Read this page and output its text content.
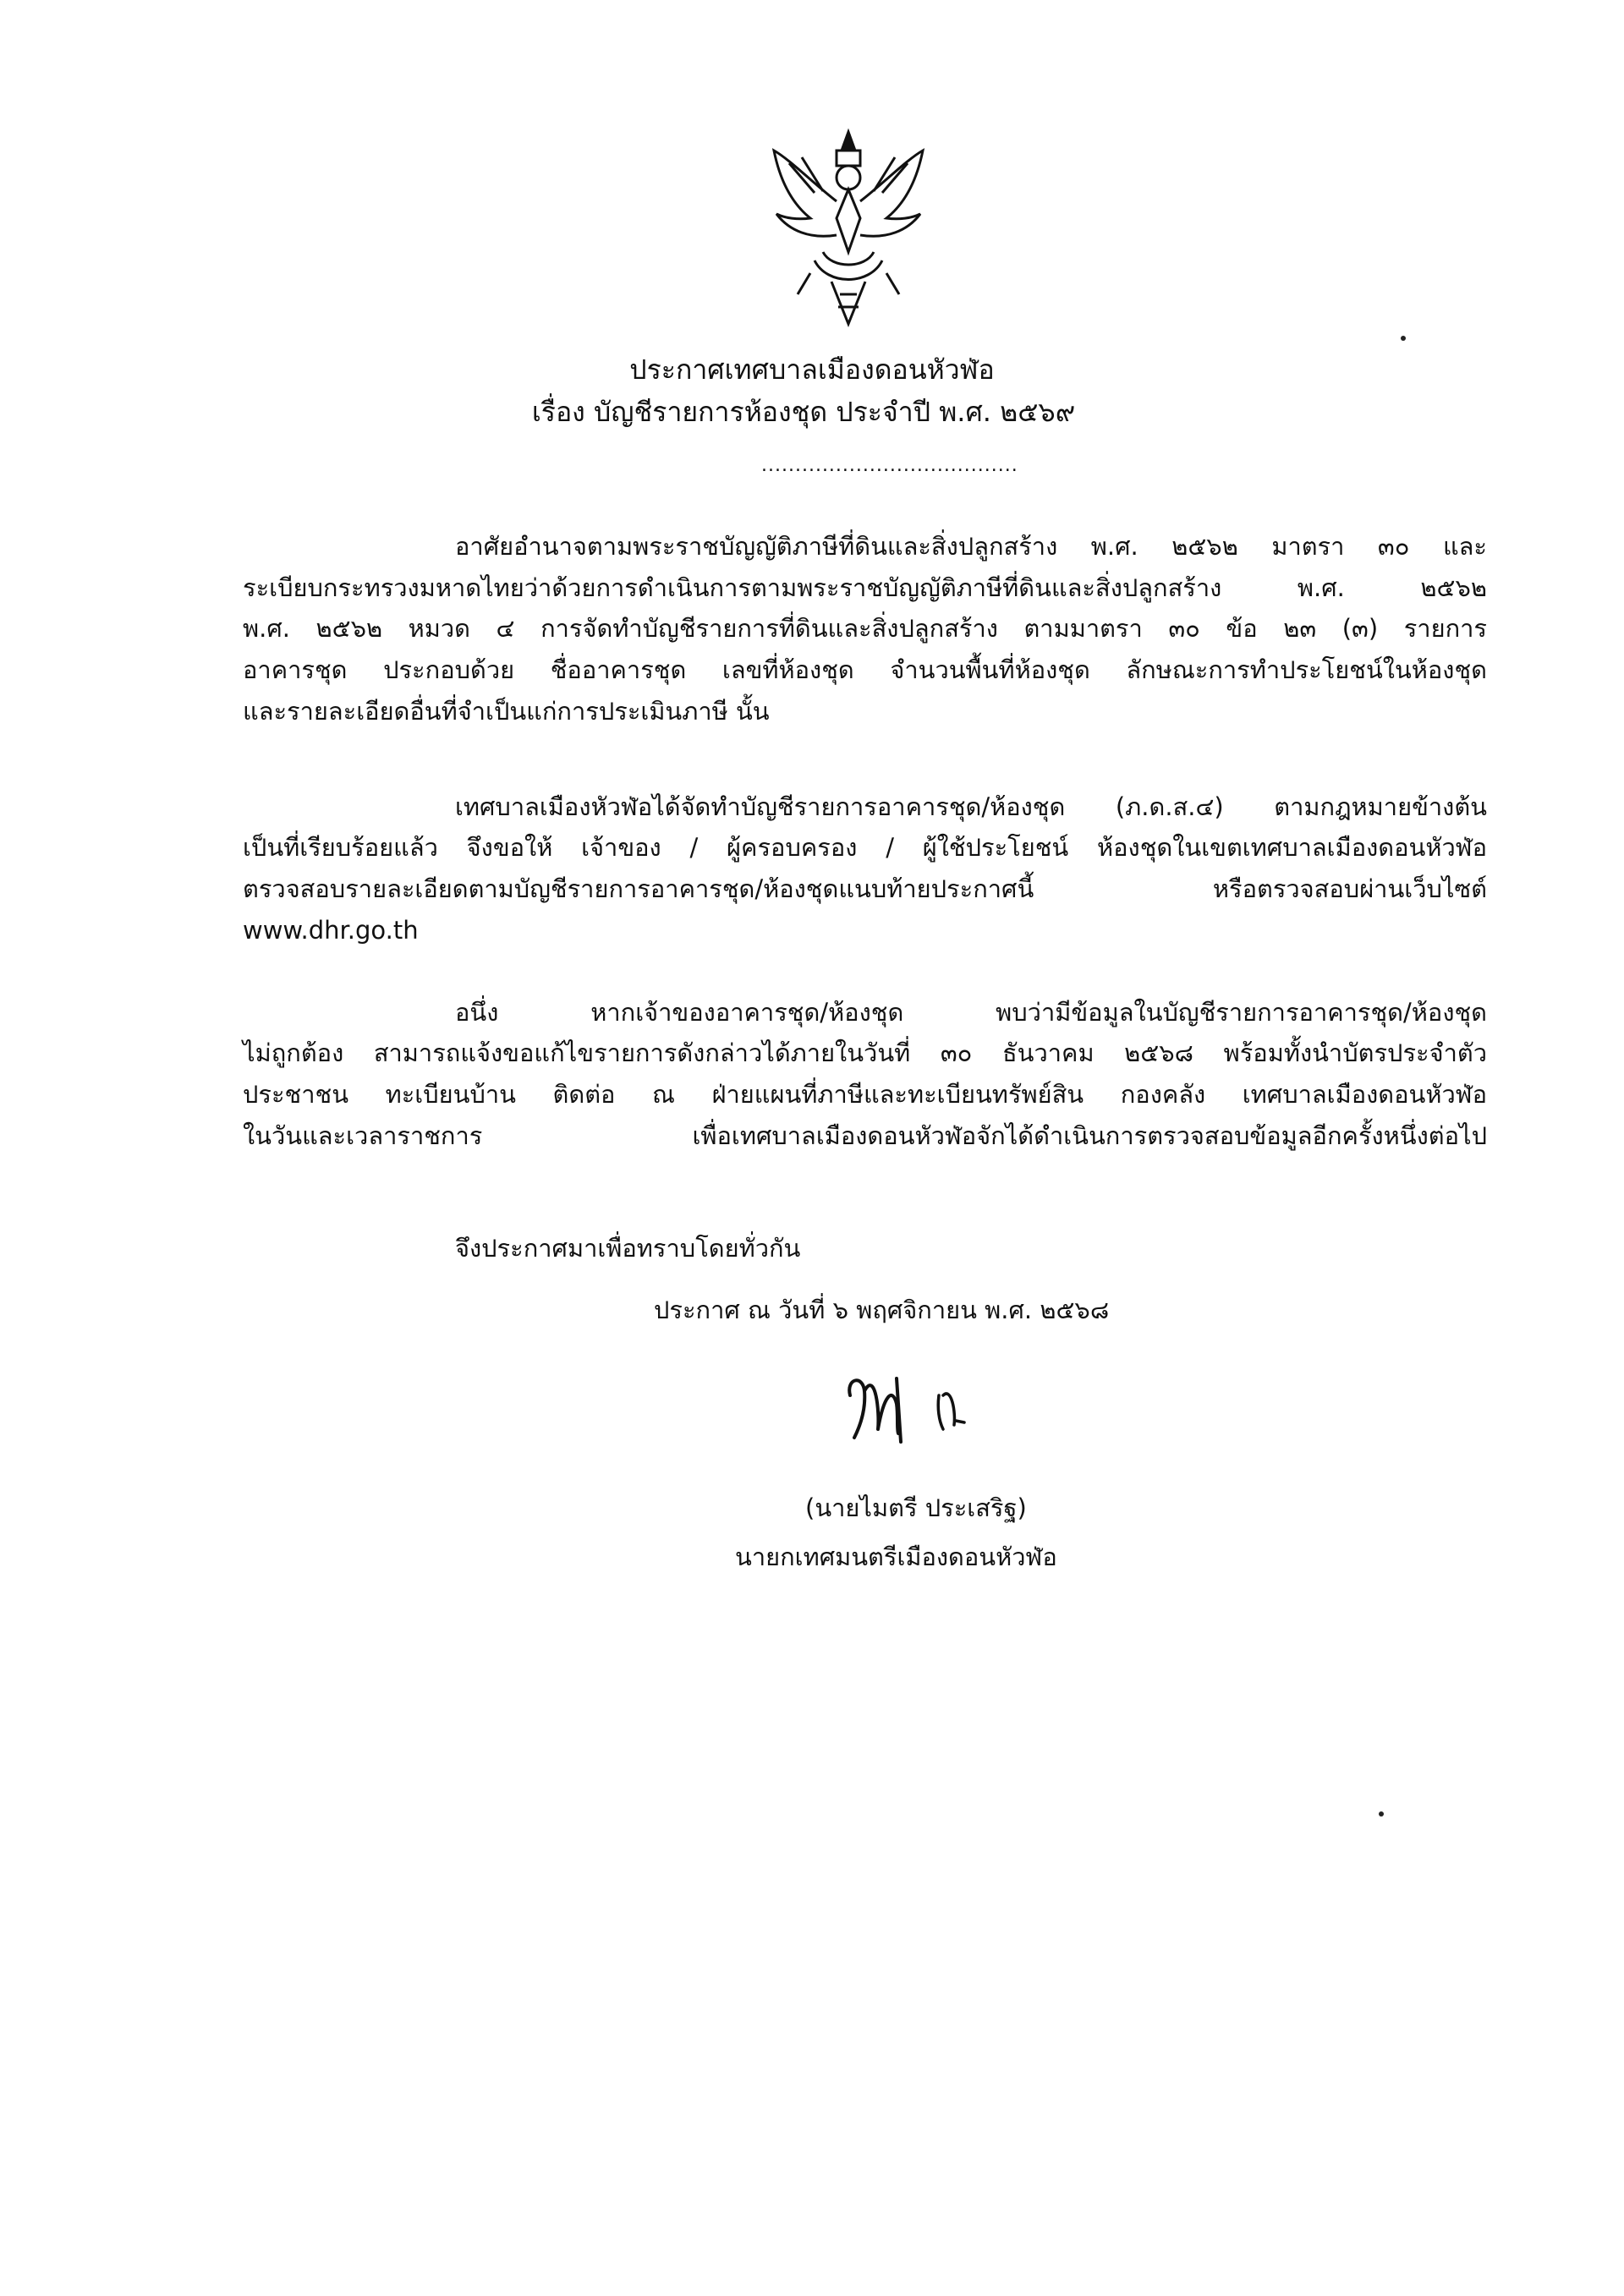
ประกาศเทศบาลเมืองดอนหัวฬ่อ
เรื่อง บัญชีรายการห้องชุด ประจำปี พ.ศ. ๒๕๖๙
......................................
อาศัยอำนาจตามพระราชบัญญัติภาษีที่ดินและสิ่งปลูกสร้าง พ.ศ. ๒๕๖๒ มาตรา ๓๐ และ
ระเบียบกระทรวงมหาดไทยว่าด้วยการดำเนินการตามพระราชบัญญัติภาษีที่ดินและสิ่งปลูกสร้าง พ.ศ. ๒๕๖๒
พ.ศ. ๒๕๖๒ หมวด ๔ การจัดทำบัญชีรายการที่ดินและสิ่งปลูกสร้าง ตามมาตรา ๓๐ ข้อ ๒๓ (๓) รายการ
อาคารชุด ประกอบด้วย ชื่ออาคารชุด เลขที่ห้องชุด จำนวนพื้นที่ห้องชุด ลักษณะการทำประโยชน์ในห้องชุด
และรายละเอียดอื่นที่จำเป็นแก่การประเมินภาษี นั้น
เทศบาลเมืองหัวฬ่อได้จัดทำบัญชีรายการอาคารชุด/ห้องชุด (ภ.ด.ส.๔) ตามกฎหมายข้างต้น
เป็นที่เรียบร้อยแล้ว จึงขอให้ เจ้าของ / ผู้ครอบครอง / ผู้ใช้ประโยชน์ ห้องชุดในเขตเทศบาลเมืองดอนหัวฬ่อ
ตรวจสอบรายละเอียดตามบัญชีรายการอาคารชุด/ห้องชุดแนบท้ายประกาศนี้ หรือตรวจสอบผ่านเว็บไซต์
www.dhr.go.th
อนึ่ง หากเจ้าของอาคารชุด/ห้องชุด พบว่ามีข้อมูลในบัญชีรายการอาคารชุด/ห้องชุด
ไม่ถูกต้อง สามารถแจ้งขอแก้ไขรายการดังกล่าวได้ภายในวันที่ ๓๐ ธันวาคม ๒๕๖๘ พร้อมทั้งนำบัตรประจำตัว
ประชาชน ทะเบียนบ้าน ติดต่อ ณ ฝ่ายแผนที่ภาษีและทะเบียนทรัพย์สิน กองคลัง เทศบาลเมืองดอนหัวฬ่อ
ในวันและเวลาราชการ เพื่อเทศบาลเมืองดอนหัวฬ่อจักได้ดำเนินการตรวจสอบข้อมูลอีกครั้งหนึ่งต่อไป
จึงประกาศมาเพื่อทราบโดยทั่วกัน
ประกาศ ณ วันที่ ๖ พฤศจิกายน พ.ศ. ๒๕๖๘
(นายไมตรี ประเสริฐ)
นายกเทศมนตรีเมืองดอนหัวฬ่อ
